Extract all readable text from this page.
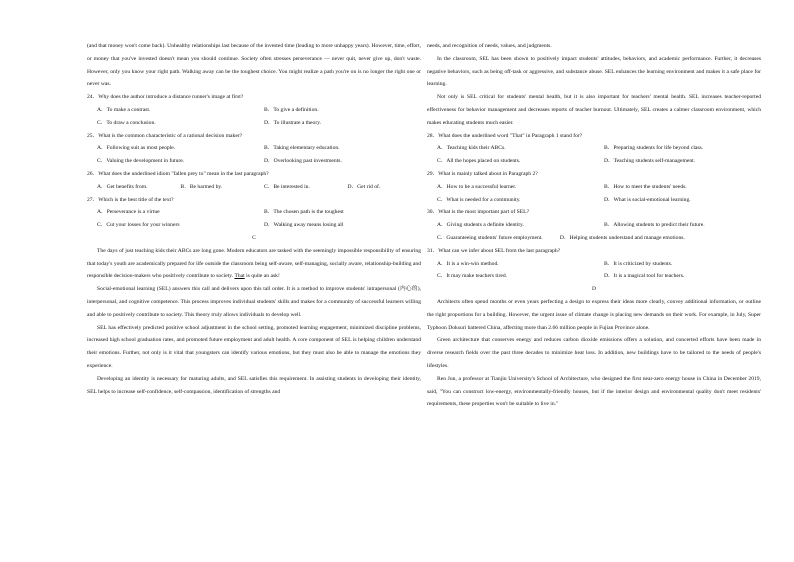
(and that money won't come back). Unhealthy relationships last because of the invested time (leading to more unhappy years). However, time, effort, or money that you've invested doesn't mean you should continue. Society often stresses perseverance — never quit, never give up, don't waste. However, only you know your right path. Walking away can be the toughest choice. You might realize a path you're on is no longer the right one or never was.

24．Why does the author introduce a distance runner's image at first?

A．To make a contrast.	B．To give a definition.
C．To draw a conclusion.	D．To illustrate a theory.

25．What is the common characteristic of a rational decision maker?

A．Following suit as most people.	B．Taking elementary education.
C．Valuing the development in future.	D．Overlooking past investments.

26．What does the underlined idiom "fallen prey to" mean in the last paragraph?

A．Get benefits from.	B．Be harmed by.	C．Be interested in.	D．Get rid of.

27．Which is the best title of the text?

A．Perseverance is a virtue	B．The chosen path is the toughest
C．Cut your losses for your winners	D．Walking away means losing all

C

The days of just teaching kids their ABCs are long gone. Modern educators are tasked with the seemingly impossible responsibility of ensuring that today's youth are academically prepared for life outside the classroom being self-aware, self-managing, socially aware, relationship-building and responsible decision-makers who positively contribute to society. That is quite an ask!

Social-emotional learning (SEL) answers this call and delivers upon this tall order. It is a method to improve students' intrapersonal (内心的), interpersonal, and cognitive competence. This process improves individual students' skills and makes for a community of successful learners willing and able to positively contribute to society. This theory truly allows individuals to develop well.

SEL has effectively predicted positive school adjustment in the school setting, promoted learning engagement, minimized discipline problems, increased high school graduation rates, and promoted future employment and adult health. A core component of SEL is helping children understand their emotions. Further, not only is it vital that youngsters can identify various emotions, but they must also be able to manage the emotions they experience.

Developing an identity is necessary for maturing adults, and SEL satisfies this requirement. In assisting students in developing their identity, SEL helps to increase self-confidence, self-compassion, identification of strengths and

needs, and recognition of needs, values, and judgments.

In the classroom, SEL has been shown to positively impact students' attitudes, behaviors, and academic performance. Further, it decreases negative behaviors, such as being off-task or aggressive, and substance abuse. SEL enhances the learning environment and makes it a safe place for learning.

Not only is SEL critical for students' mental health, but it is also important for teachers' mental health. SEL increases teacher-reported effectiveness for behavior management and decreases reports of teacher burnout. Ultimately, SEL creates a calmer classroom environment, which makes educating students much easier.

28．What does the underlined word "That" in Paragraph 1 stand for?

A．Teaching kids their ABCs.	B．Preparing students for life beyond class.
C．All the hopes placed on students.	D．Teaching students self-management.

29．What is mainly talked about in Paragraph 2?

A．How to be a successful learner.	B．How to meet the students' needs.
C．What is needed for a community.	D．What is social-emotional learning.

30．What is the most important part of SEL?

A．Giving students a definite identity.	B．Allowing students to predict their future.
C．Guaranteeing students' future employment.	D．Helping students understand and manage emotions.

31．What can we infer about SEL from the last paragraph?

A．It is a win-win method.	B．It is criticized by students.
C．It may make teachers tired.	D．It is a magical tool for teachers.

D

Architects often spend months or even years perfecting a design to express their ideas more clearly, convey additional information, or outline the right proportions for a building. However, the urgent issue of climate change is placing new demands on their work. For example, in July, Super Typhoon Doksuri battered China, affecting more than 2.66 million people in Fujian Province alone.

Green architecture that conserves energy and reduces carbon dioxide emissions offers a solution, and concerted efforts have been made in diverse research fields over the past three decades to minimize heat loss. In addition, new buildings have to be tailored to the needs of people's lifestyles.

Ren Jun, a professor at Tianjin University's School of Architecture, who designed the first near-zero energy house in China in December 2019, said, "You can construct low-energy, environmentally-friendly houses, but if the interior design and environmental quality don't meet residents' requirements, these properties won't be suitable to live in."
